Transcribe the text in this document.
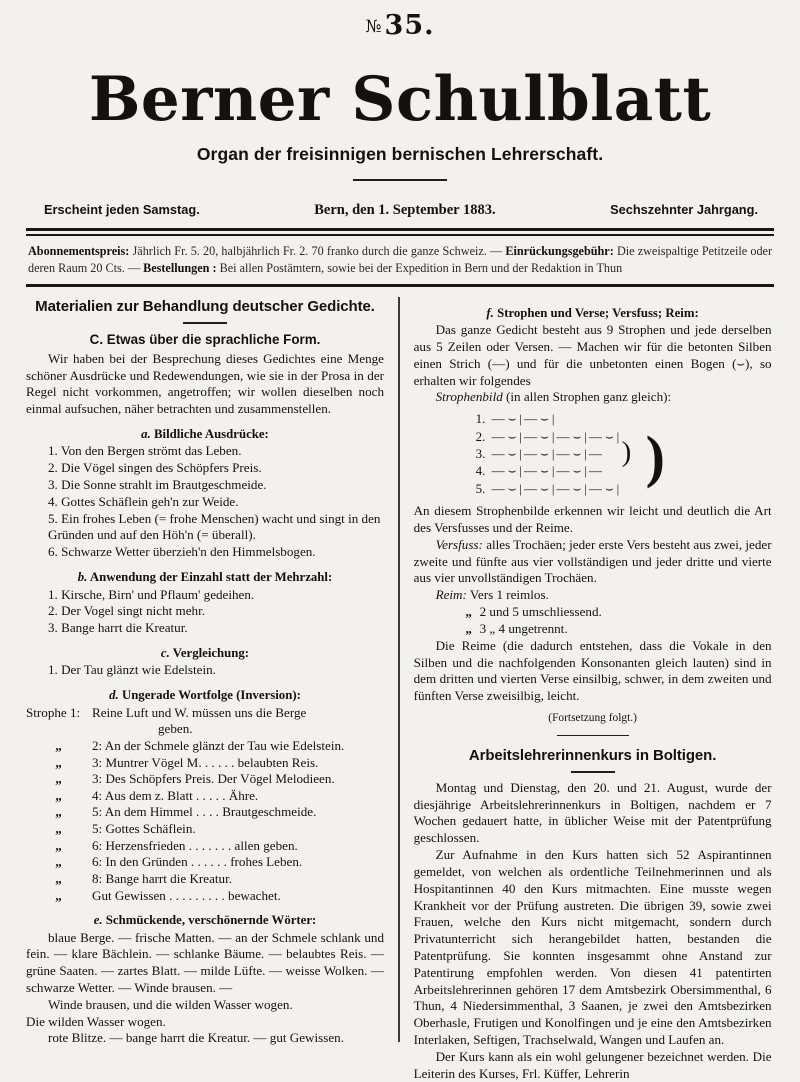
№ 35.
Berner Schulblatt
Organ der freisinnigen bernischen Lehrerschaft.
Erscheint jeden Samstag.	Bern, den 1. September 1883.	Sechszehnter Jahrgang.
Abonnementspreis: Jährlich Fr. 5. 20, halbjährlich Fr. 2. 70 franko durch die ganze Schweiz. — Einrückungsgebühr: Die zweispaltige Petitzeile oder deren Raum 20 Cts. — Bestellungen : Bei allen Postämtern, sowie bei der Expedition in Bern und der Redaktion in Thun
Materialien zur Behandlung deutscher Gedichte.
C. Etwas über die sprachliche Form.

Wir haben bei der Besprechung dieses Gedichtes eine Menge schöner Ausdrücke und Redewendungen, wie sie in der Prosa in der Regel nicht vorkommen, angetroffen; wir wollen dieselben noch einmal aufsuchen, näher betrachten und zusammenstellen.

a. Bildliche Ausdrücke:
1. Von den Bergen strömt das Leben.
2. Die Vögel singen des Schöpfers Preis.
3. Die Sonne strahlt im Brautgeschmeide.
4. Gottes Schäflein geh'n zur Weide.
5. Ein frohes Leben (= frohe Menschen) wacht und singt in den Gründen und auf den Höh'n (= überall).
6. Schwarze Wetter überzieh'n den Himmelsbogen.
b. Anwendung der Einzahl statt der Mehrzahl:
1. Kirsche, Birn' und Pflaum' gedeihen.
2. Der Vogel singt nicht mehr.
3. Bange harrt die Kreatur.
c. Vergleichung:
1. Der Tau glänzt wie Edelstein.
d. Ungerade Wortfolge (Inversion):
Strophe 1:	Reine Luft und W. müssen uns die Berge
geben.

„	2: An der Schmele glänzt der Tau wie Edelstein.
„	3: Muntrer Vögel M. . . . . . belaubten Reis.
„	3: Des Schöpfers Preis. Der Vögel Melodieen.
„	4: Aus dem z. Blatt . . . . . Ähre.
„	5: An dem Himmel . . . . Brautgeschmeide.
„	5: Gottes Schäflein.
„	6: Herzensfrieden . . . . . . . allen geben.
„	6: In den Gründen . . . . . . frohes Leben.
„	8: Bange harrt die Kreatur.
„	Gut Gewissen . . . . . . . . . bewachet.
e. Schmückende, verschönernde Wörter:

blaue Berge. — frische Matten. — an der Schmele schlank und fein. — klare Bächlein. — schlanke Bäume. — belaubtes Reis. — grüne Saaten. — zartes Blatt. — milde Lüfte. — weisse Wolken. — schwarze Wetter. — Winde brausen. —

Winde brausen, und die wilden Wasser wogen.

Die wilden Wasser wogen.

rote Blitze. — bange harrt die Kreatur. — gut Gewissen.

f. Strophen und Verse; Versfuss; Reim:

Das ganze Gedicht besteht aus 9 Strophen und jede derselben aus 5 Zeilen oder Versen. — Machen wir für die betonten Silben einen Strich (—) und für die unbetonten einen Bogen (⌣), so erhalten wir folgendes

Strophenbild (in allen Strophen ganz gleich):

) )
1. — ⌣ | — ⌣ |
2. — ⌣ | — ⌣ | — ⌣ | — ⌣ |
3. — ⌣ | — ⌣ | — ⌣ | —
4. — ⌣ | — ⌣ | — ⌣ | —
5. — ⌣ | — ⌣ | — ⌣ | — ⌣ |

An diesem Strophenbilde erkennen wir leicht und deutlich die Art des Versfusses und der Reime.

Versfuss: alles Trochäen; jeder erste Vers besteht aus zwei, jeder zweite und fünfte aus vier vollständigen und jeder dritte und vierte aus vier unvollständigen Trochäen.

Reim: Vers 1 reimlos.

„ 2 und 5 umschliessend.
„ 3 „ 4 ungetrennt.

Die Reime (die dadurch entstehen, dass die Vokale in den Silben und die nachfolgenden Konsonanten gleich lauten) sind in dem dritten und vierten Verse einsilbig, schwer, in dem zweiten und fünften Verse zweisilbig, leicht.

(Fortsetzung folgt.)
Arbeitslehrerinnenkurs in Boltigen.

Montag und Dienstag, den 20. und 21. August, wurde der diesjährige Arbeitslehrerinnenkurs in Boltigen, nachdem er 7 Wochen gedauert hatte, in üblicher Weise mit der Patentprüfung geschlossen.

Zur Aufnahme in den Kurs hatten sich 52 Aspirantinnen gemeldet, von welchen als ordentliche Teilnehmerinnen und als Hospitantinnen 40 den Kurs mitmachten. Eine musste wegen Krankheit vor der Prüfung austreten. Die übrigen 39, sowie zwei Frauen, welche den Kurs nicht mitgemacht, sondern durch Privatunterricht sich herangebildet hatten, bestanden die Patentprüfung. Sie konnten insgesammt ohne Anstand zur Patentirung empfohlen werden. Von diesen 41 patentirten Arbeitslehrerinnen gehören 17 dem Amtsbezirk Obersimmenthal, 6 Thun, 4 Niedersimmenthal, 3 Saanen, je zwei den Amtsbezirken Oberhasle, Frutigen und Konolfingen und je eine den Amtsbezirken Interlaken, Seftigen, Trachselwald, Wangen und Laufen an.

Der Kurs kann als ein wohl gelungener bezeichnet werden. Die Leiterin des Kurses, Frl. Küffer, Lehrerin
